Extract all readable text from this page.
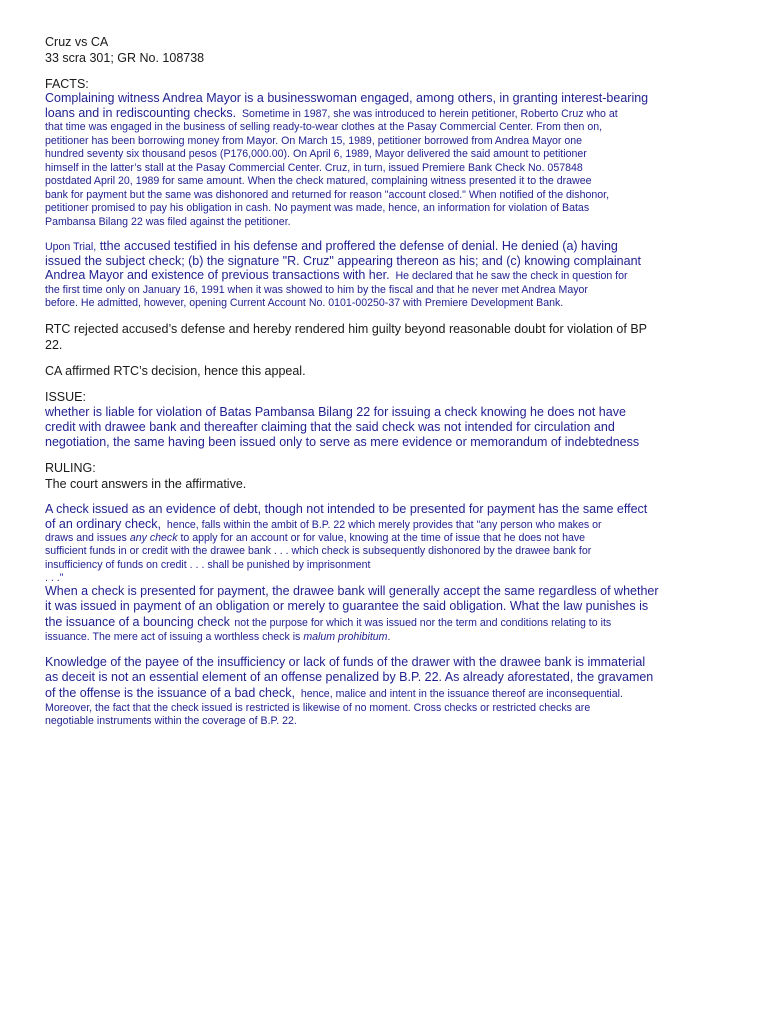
Cruz vs CA
33 scra 301; GR No. 108738
FACTS:
Complaining witness Andrea Mayor is a businesswoman engaged, among others, in granting interest-bearing
loans and in rediscounting checks.  Sometime in 1987, she was introduced to herein petitioner, Roberto Cruz who at
that time was engaged in the business of selling ready-to-wear clothes at the Pasay Commercial Center. From then on,
petitioner has been borrowing money from Mayor. On March 15, 1989, petitioner borrowed from Andrea Mayor one
hundred seventy six thousand pesos (P176,000.00). On April 6, 1989, Mayor delivered the said amount to petitioner
himself in the latter’s stall at the Pasay Commercial Center. Cruz, in turn, issued Premiere Bank Check No. 057848
postdated April 20, 1989 for same amount. When the check matured, complaining witness presented it to the drawee
bank for payment but the same was dishonored and returned for reason "account closed." When notified of the dishonor,
petitioner promised to pay his obligation in cash. No payment was made, hence, an information for violation of Batas
Pambansa Bilang 22 was filed against the petitioner.
Upon Trial, tthe accused testified in his defense and proffered the defense of denial. He denied (a) having
issued the subject check; (b) the signature "R. Cruz" appearing thereon as his; and (c) knowing complainant
Andrea Mayor and existence of previous transactions with her.  He declared that he saw the check in question for
the first time only on January 16, 1991 when it was showed to him by the fiscal and that he never met Andrea Mayor
before. He admitted, however, opening Current Account No. 0101-00250-37 with Premiere Development Bank.
RTC rejected accused’s defense and hereby rendered him guilty beyond reasonable doubt for violation of BP
22.
CA affirmed RTC’s decision, hence this appeal.
ISSUE:
whether is liable for violation of Batas Pambansa Bilang 22 for issuing a check knowing he does not have
credit with drawee bank and thereafter claiming that the said check was not intended for circulation and
negotiation, the same having been issued only to serve as mere evidence or memorandum of indebtedness
RULING:
The court answers in the affirmative.
A check issued as an evidence of debt, though not intended to be presented for payment has the same effect
of an ordinary check,  hence, falls within the ambit of B.P. 22 which merely provides that "any person who makes or
draws and issues any check to apply for an account or for value, knowing at the time of issue that he does not have
sufficient funds in or credit with the drawee bank . . . which check is subsequently dishonored by the drawee bank for
insufficiency of funds on credit . . . shall be punished by imprisonment
. . ."
When a check is presented for payment, the drawee bank will generally accept the same regardless of whether
it was issued in payment of an obligation or merely to guarantee the said obligation. What the law punishes is
the issuance of a bouncing check not the purpose for which it was issued nor the term and conditions relating to its
issuance. The mere act of issuing a worthless check is malum prohibitum.
Knowledge of the payee of the insufficiency or lack of funds of the drawer with the drawee bank is immaterial
as deceit is not an essential element of an offense penalized by B.P. 22. As already aforestated, the gravamen
of the offense is the issuance of a bad check,  hence, malice and intent in the issuance thereof are inconsequential.
Moreover, the fact that the check issued is restricted is likewise of no moment. Cross checks or restricted checks are
negotiable instruments within the coverage of B.P. 22.
